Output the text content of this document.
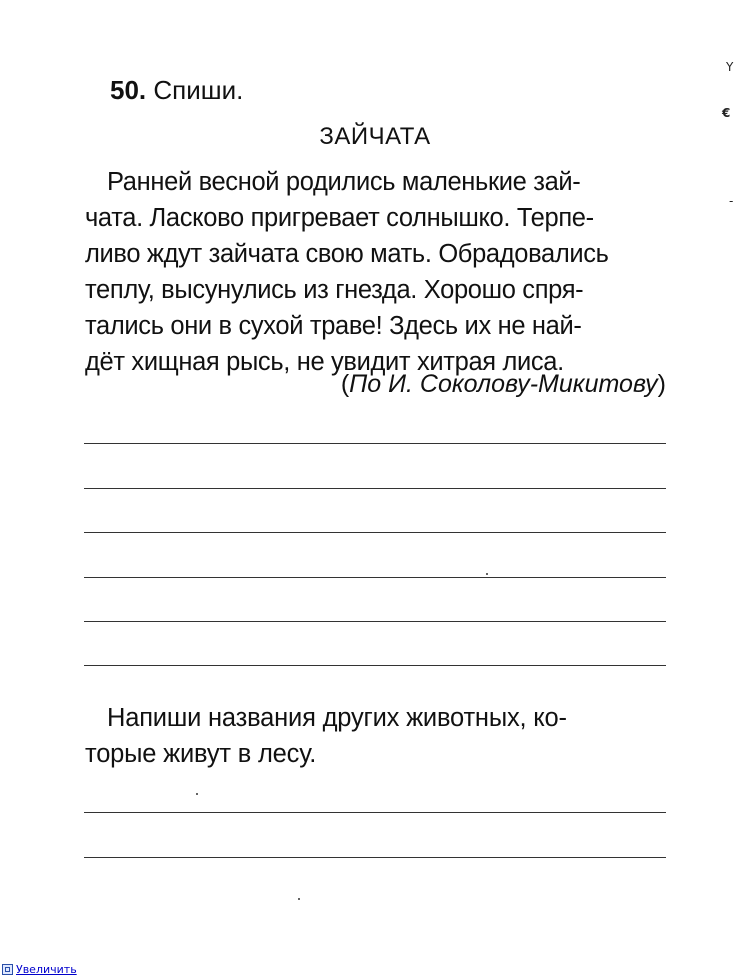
50. Спиши.
ЗАЙЧАТА
Ранней весной родились маленькие зай-
чата. Ласково пригревает солнышко. Терпе-
ливо ждут зайчата свою мать. Обрадовались
теплу, высунулись из гнезда. Хорошо спря-
тались они в сухой траве! Здесь их не най-
дёт хищная рысь, не увидит хитрая лиса.
(По И. Соколову-Микитову)
Напиши названия других животных, ко-
торые живут в лесу.
Y
€
-
Увеличить
